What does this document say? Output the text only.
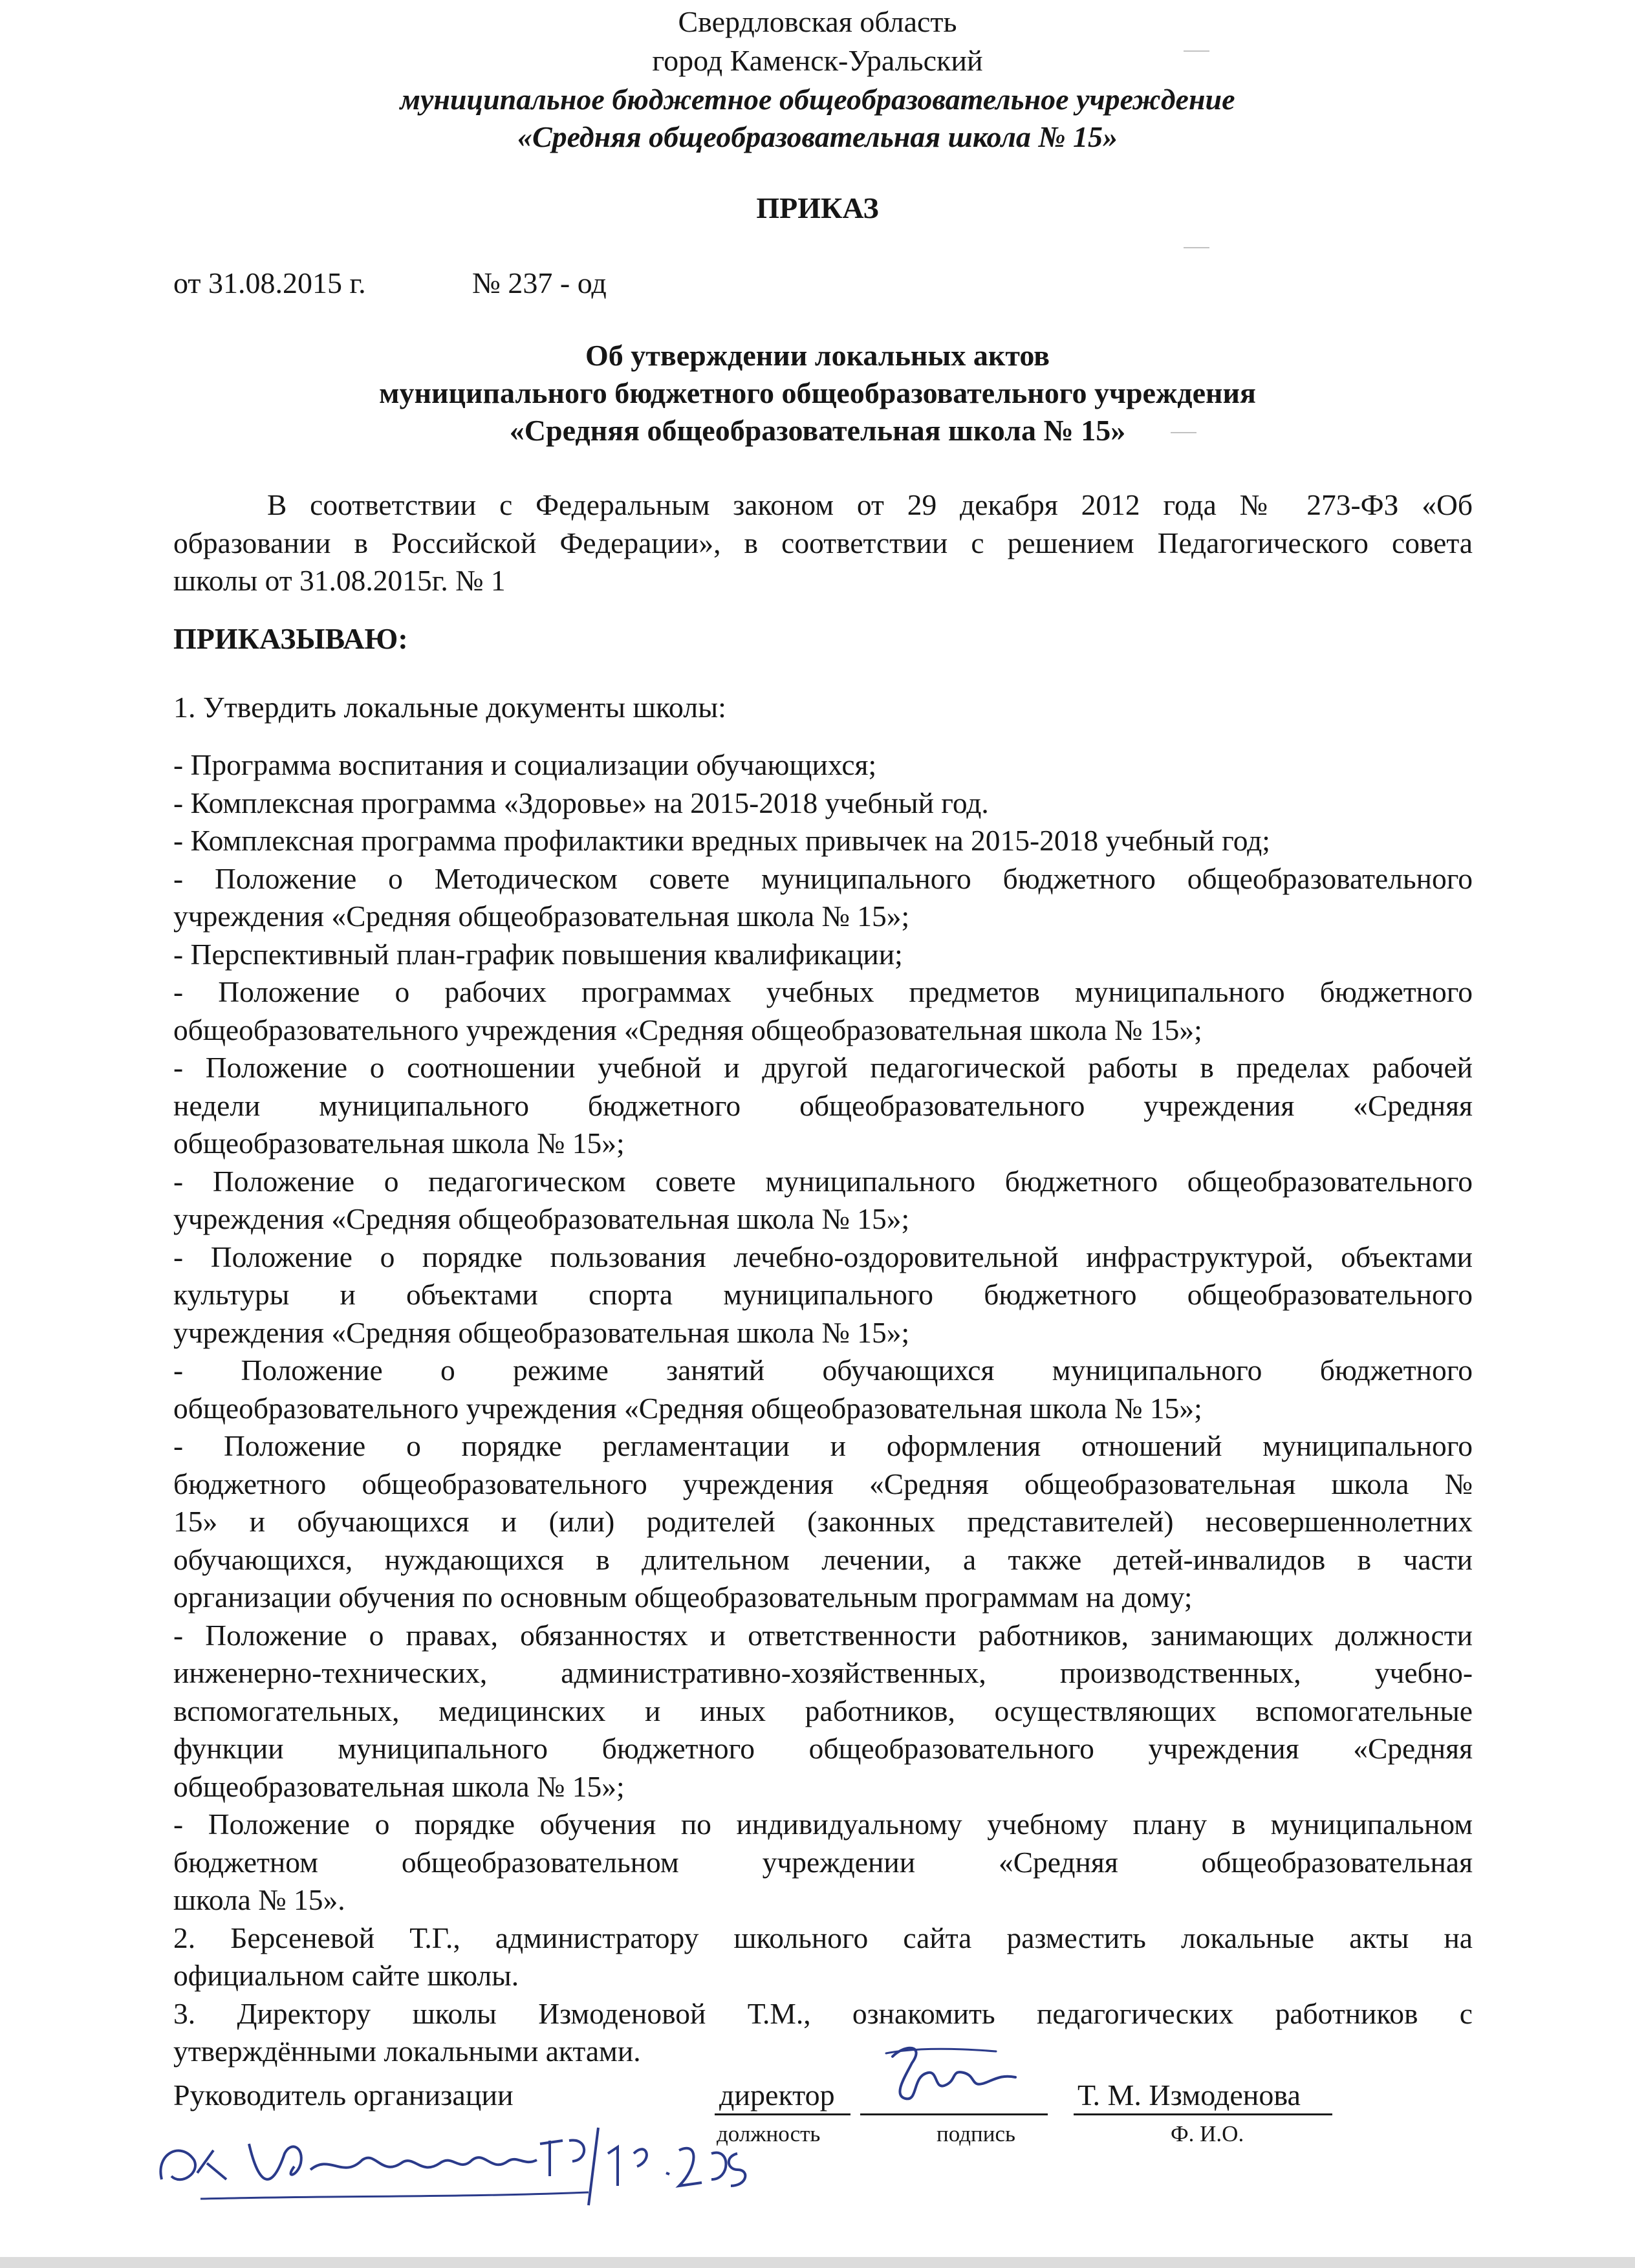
Свердловская область
город Каменск-Уральский
муниципальное бюджетное общеобразовательное учреждение
«Средняя общеобразовательная школа № 15»
ПРИКАЗ
от 31.08.2015 г.	№ 237 - од
Об утверждении локальных актов
муниципального бюджетного общеобразовательного учреждения
«Средняя общеобразовательная школа № 15»
В соответствии с Федеральным законом от 29 декабря 2012 года № 273-ФЗ «Об
образовании в Российской Федерации», в соответствии с решением Педагогического совета
школы от 31.08.2015г. № 1
ПРИКАЗЫВАЮ:
1. Утвердить локальные документы школы:
- Программа воспитания и социализации обучающихся;
- Комплексная программа «Здоровье» на 2015-2018 учебный год.
- Комплексная программа профилактики вредных привычек на 2015-2018 учебный год;
- Положение о Методическом совете муниципального бюджетного общеобразовательного
учреждения «Средняя общеобразовательная школа № 15»;
- Перспективный план-график повышения квалификации;
- Положение о рабочих программах учебных предметов муниципального бюджетного
общеобразовательного учреждения «Средняя общеобразовательная школа № 15»;
- Положение о соотношении учебной и другой педагогической работы в пределах рабочей
недели муниципального бюджетного общеобразовательного учреждения «Средняя
общеобразовательная школа № 15»;
- Положение о педагогическом совете муниципального бюджетного общеобразовательного
учреждения «Средняя общеобразовательная школа № 15»;
- Положение о порядке пользования лечебно-оздоровительной инфраструктурой, объектами
культуры и объектами спорта муниципального бюджетного общеобразовательного
учреждения «Средняя общеобразовательная школа № 15»;
- Положение о режиме занятий обучающихся муниципального бюджетного
общеобразовательного учреждения «Средняя общеобразовательная школа № 15»;
- Положение о порядке регламентации и оформления отношений муниципального
бюджетного общеобразовательного учреждения «Средняя общеобразовательная школа №
15» и обучающихся и (или) родителей (законных представителей) несовершеннолетних
обучающихся, нуждающихся в длительном лечении, а также детей-инвалидов в части
организации обучения по основным общеобразовательным программам на дому;
- Положение о правах, обязанностях и ответственности работников, занимающих должности
инженерно-технических, административно-хозяйственных, производственных, учебно-
вспомогательных, медицинских и иных работников, осуществляющих вспомогательные
функции муниципального бюджетного общеобразовательного учреждения «Средняя
общеобразовательная школа № 15»;
- Положение о порядке обучения по индивидуальному учебному плану в муниципальном
бюджетном общеобразовательном учреждении «Средняя общеобразовательная
школа № 15».
2. Берсеневой Т.Г., администратору школьного сайта разместить локальные акты на
официальном сайте школы.
3. Директору школы Измоденовой Т.М., ознакомить педагогических работников с
утверждёнными локальными актами.
Руководитель организации	директор	Т. М. Измоденова
должность	подпись	Ф. И.О.
